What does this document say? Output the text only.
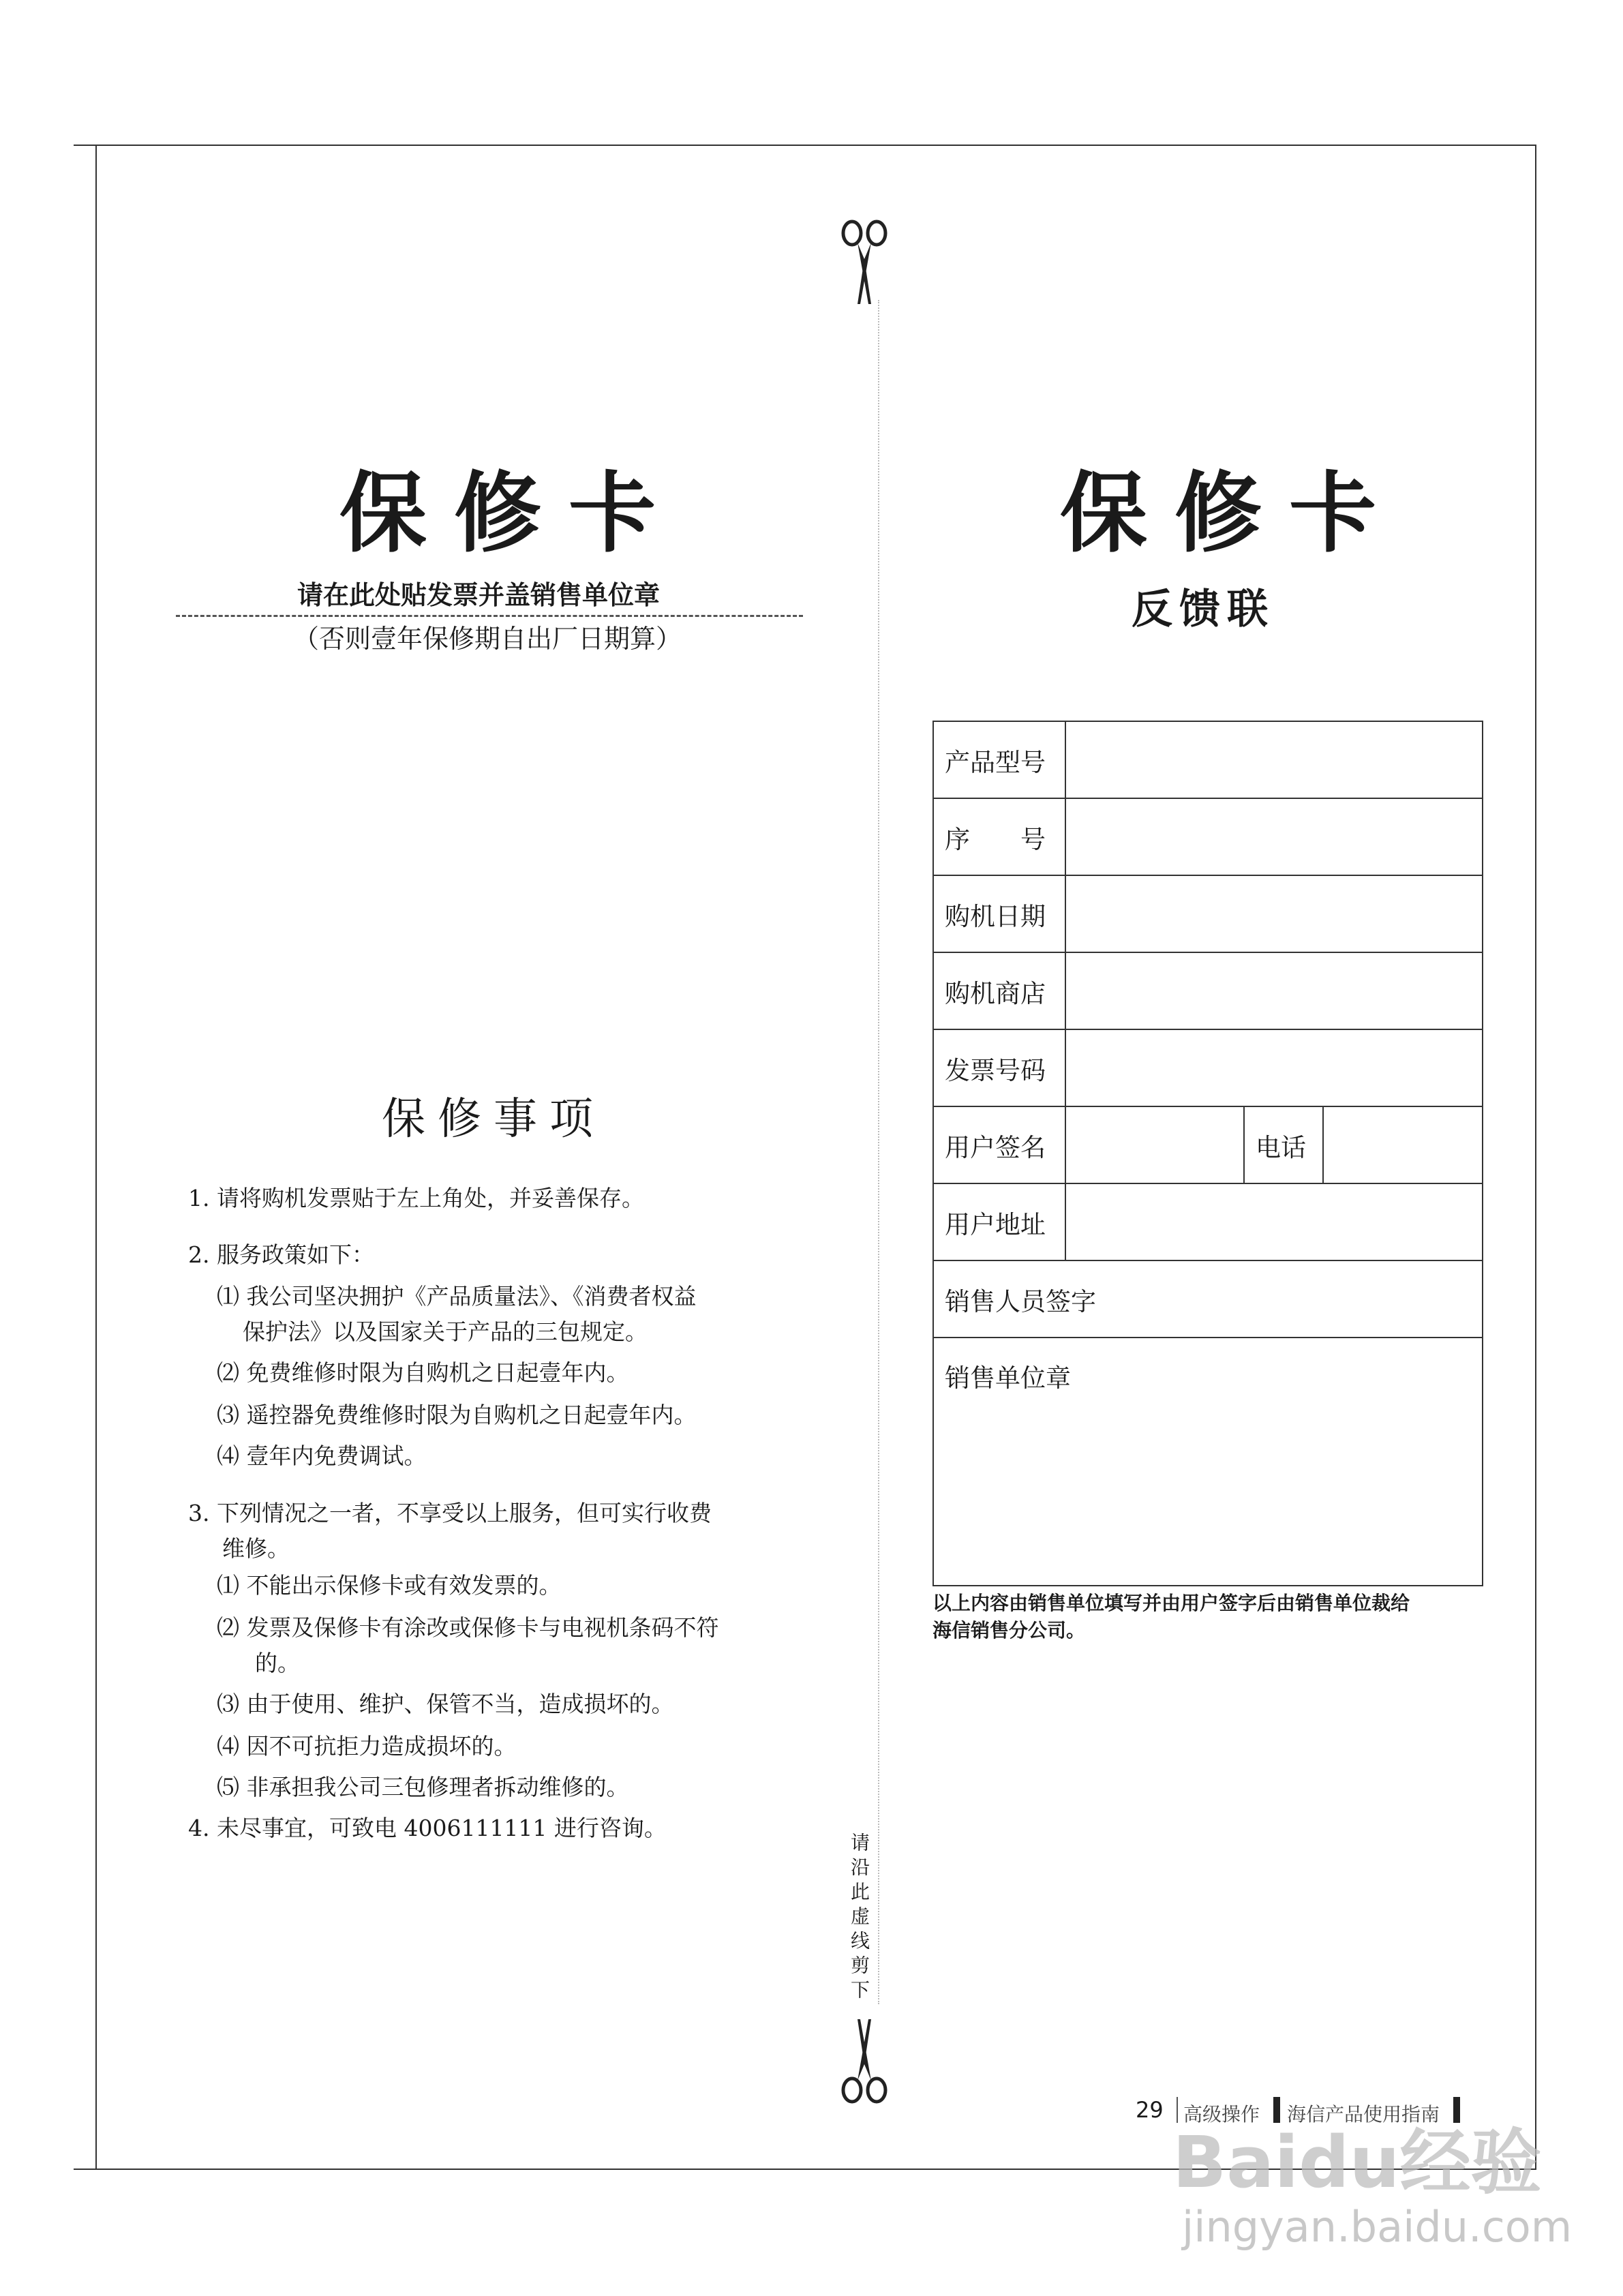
请沿此虚线剪下
保修卡
请在此处贴发票并盖销售单位章
（否则壹年保修期自出厂日期算）
保修事项
1. 请将购机发票贴于左上角处，并妥善保存。
2. 服务政策如下：
⑴ 我公司坚决拥护《产品质量法》、《消费者权益
保护法》以及国家关于产品的三包规定。
⑵ 免费维修时限为自购机之日起壹年内。
⑶ 遥控器免费维修时限为自购机之日起壹年内。
⑷ 壹年内免费调试。
3. 下列情况之一者，不享受以上服务，但可实行收费
维修。
⑴ 不能出示保修卡或有效发票的。
⑵ 发票及保修卡有涂改或保修卡与电视机条码不符
的。
⑶ 由于使用、维护、保管不当，造成损坏的。
⑷ 因不可抗拒力造成损坏的。
⑸ 非承担我公司三包修理者拆动维修的。
4. 未尽事宜，可致电 4006111111 进行咨询。
保修卡
反馈联
产品型号			
序　　号			
购机日期			
购机商店			
发票号码			
用户签名		电话	
用户地址			
销售人员签字			
销售单位章			
以上内容由销售单位填写并由用户签字后由销售单位裁给
海信销售分公司。
29 高级操作 海信产品使用指南
Baidu经验
jingyan.baidu.com
